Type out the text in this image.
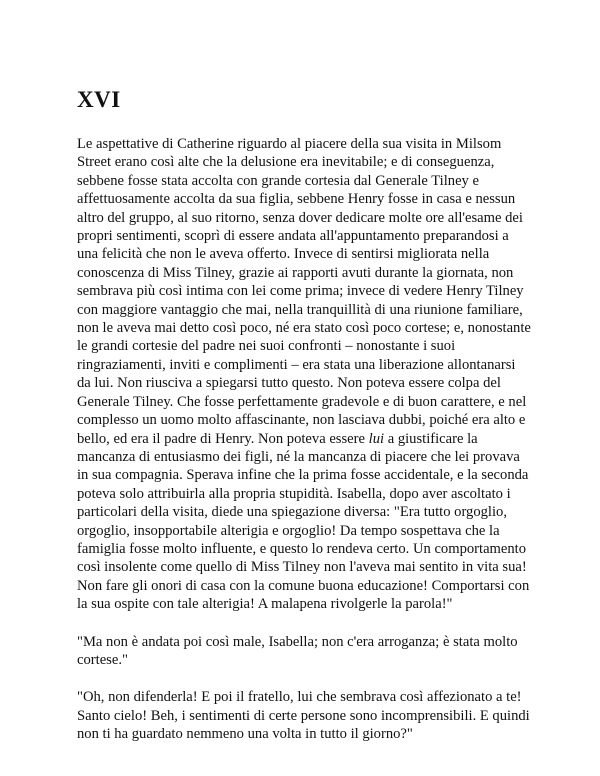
XVI

Le aspettative di Catherine riguardo al piacere della sua visita in Milsom Street erano così alte che la delusione era inevitabile; e di conseguenza, sebbene fosse stata accolta con grande cortesia dal Generale Tilney e affettuosamente accolta da sua figlia, sebbene Henry fosse in casa e nessun altro del gruppo, al suo ritorno, senza dover dedicare molte ore all'esame dei propri sentimenti, scoprì di essere andata all'appuntamento preparandosi a una felicità che non le aveva offerto. Invece di sentirsi migliorata nella conoscenza di Miss Tilney, grazie ai rapporti avuti durante la giornata, non sembrava più così intima con lei come prima; invece di vedere Henry Tilney con maggiore vantaggio che mai, nella tranquillità di una riunione familiare, non le aveva mai detto così poco, né era stato così poco cortese; e, nonostante le grandi cortesie del padre nei suoi confronti – nonostante i suoi ringraziamenti, inviti e complimenti – era stata una liberazione allontanarsi da lui. Non riusciva a spiegarsi tutto questo. Non poteva essere colpa del Generale Tilney. Che fosse perfettamente gradevole e di buon carattere, e nel complesso un uomo molto affascinante, non lasciava dubbi, poiché era alto e bello, ed era il padre di Henry. Non poteva essere lui a giustificare la mancanza di entusiasmo dei figli, né la mancanza di piacere che lei provava in sua compagnia. Sperava infine che la prima fosse accidentale, e la seconda poteva solo attribuirla alla propria stupidità. Isabella, dopo aver ascoltato i particolari della visita, diede una spiegazione diversa: "Era tutto orgoglio, orgoglio, insopportabile alterigia e orgoglio! Da tempo sospettava che la famiglia fosse molto influente, e questo lo rendeva certo. Un comportamento così insolente come quello di Miss Tilney non l'aveva mai sentito in vita sua! Non fare gli onori di casa con la comune buona educazione! Comportarsi con la sua ospite con tale alterigia! A malapena rivolgerle la parola!"

"Ma non è andata poi così male, Isabella; non c'era arroganza; è stata molto cortese."

"Oh, non difenderla! E poi il fratello, lui che sembrava così affezionato a te! Santo cielo! Beh, i sentimenti di certe persone sono incomprensibili. E quindi non ti ha guardato nemmeno una volta in tutto il giorno?"
